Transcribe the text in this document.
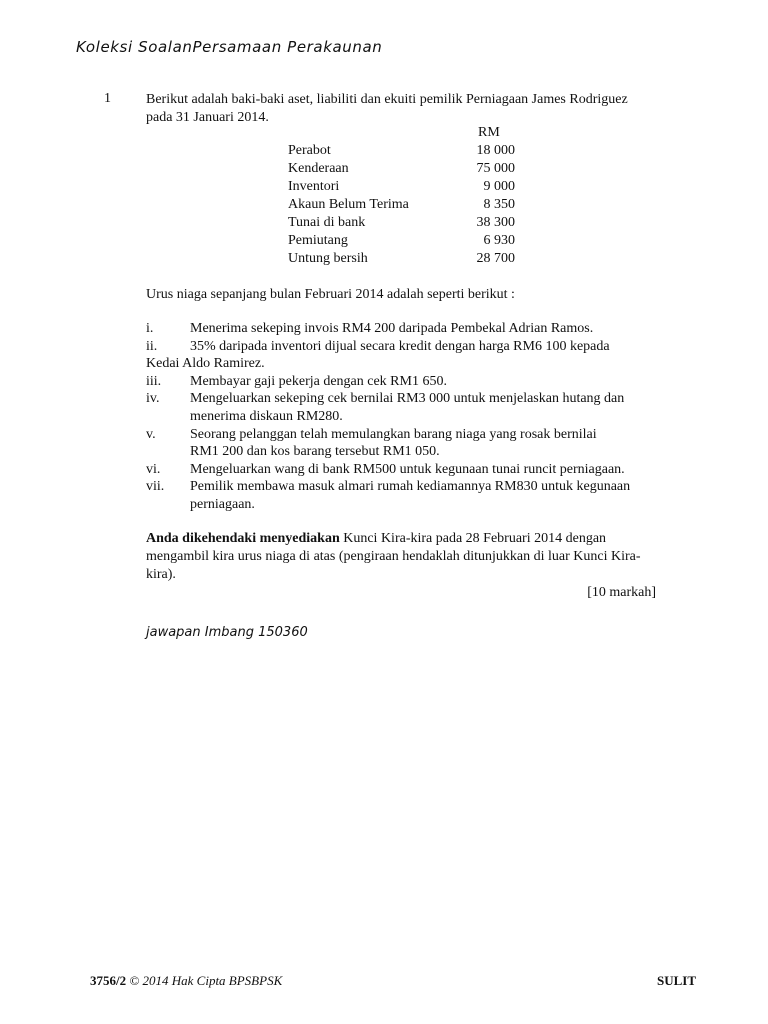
Koleksi SoalanPersamaan Perakaunan
1	Berikut adalah baki-baki aset, liabiliti dan ekuiti pemilik Perniagaan James Rodriguez
pada 31 Januari 2014.
RM
Perabot	18 000
Kenderaan	75 000
Inventori	9 000
Akaun Belum Terima	8 350
Tunai di bank	38 300
Pemiutang	6 930
Untung bersih	28 700
Urus niaga sepanjang bulan Februari 2014 adalah seperti berikut :
i.	Menerima sekeping invois RM4 200 daripada Pembekal Adrian Ramos.
ii. 35% daripada inventori dijual secara kredit dengan harga RM6 100 kepada
Kedai Aldo Ramirez.
iii. Membayar gaji pekerja dengan cek RM1 650.
iv. Mengeluarkan sekeping cek bernilai RM3 000 untuk menjelaskan hutang dan
menerima diskaun RM280.
v. Seorang pelanggan telah memulangkan barang niaga yang rosak bernilai
RM1 200 dan kos barang tersebut RM1 050.
vi. Mengeluarkan wang di bank RM500 untuk kegunaan tunai runcit perniagaan.
vii. Pemilik membawa masuk almari rumah kediamannya RM830 untuk kegunaan
perniagaan.
Anda dikehendaki menyediakan Kunci Kira-kira pada 28 Februari 2014 dengan
mengambil kira urus niaga di atas (pengiraan hendaklah ditunjukkan di luar Kunci Kira-
kira).
[10 markah]
jawapan Imbang 150360
3756/2 © 2014 Hak Cipta BPSBPSK	SULIT
